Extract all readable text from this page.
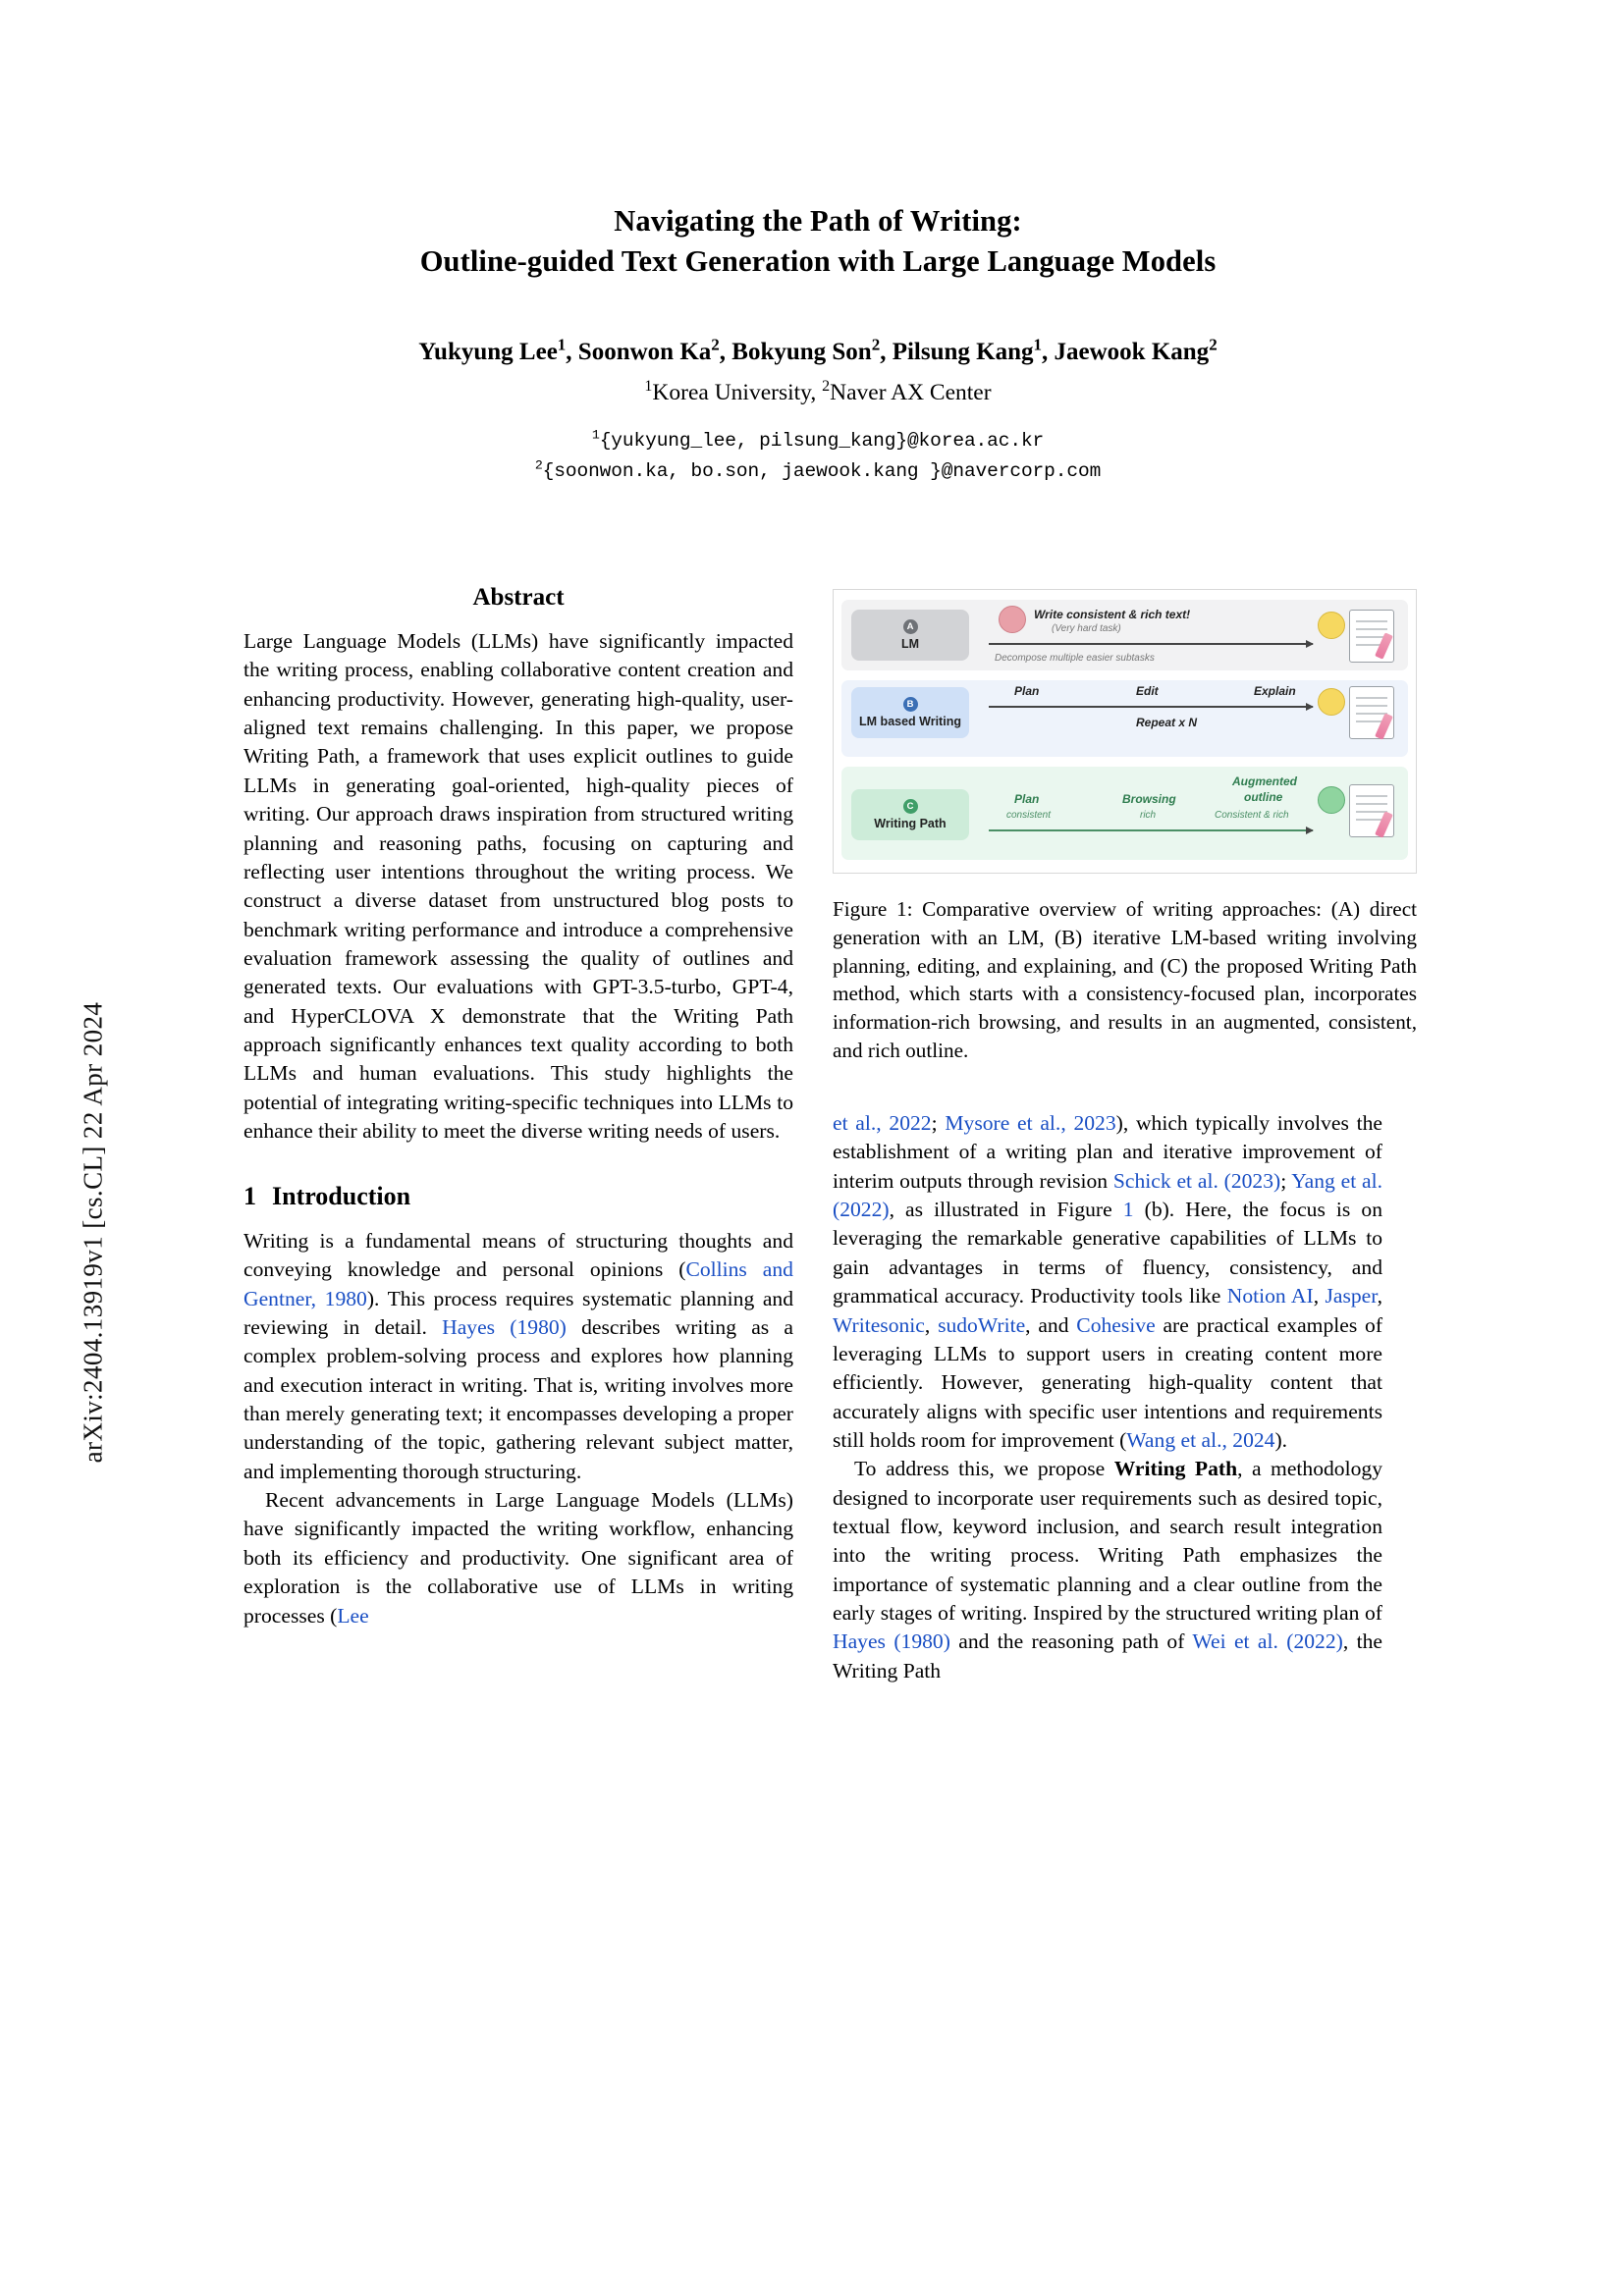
arXiv:2404.13919v1 [cs.CL] 22 Apr 2024
Navigating the Path of Writing:
Outline-guided Text Generation with Large Language Models
Yukyung Lee$^1$, Soonwon Ka$^2$, Bokyung Son$^2$, Pilsung Kang$^1$, Jaewook Kang$^2$
$^1$Korea University, $^2$Naver AX Center
$^1${yukyung_lee, pilsung_kang}@korea.ac.kr
$^2${soonwon.ka, bo.son, jaewook.kang }@navercorp.com
Abstract

Large Language Models (LLMs) have significantly impacted the writing process, enabling collaborative content creation and enhancing productivity. However, generating high-quality, user-aligned text remains challenging. In this paper, we propose Writing Path, a framework that uses explicit outlines to guide LLMs in generating goal-oriented, high-quality pieces of writing. Our approach draws inspiration from structured writing planning and reasoning paths, focusing on capturing and reflecting user intentions throughout the writing process. We construct a diverse dataset from unstructured blog posts to benchmark writing performance and introduce a comprehensive evaluation framework assessing the quality of outlines and generated texts. Our evaluations with GPT-3.5-turbo, GPT-4, and HyperCLOVA X demonstrate that the Writing Path approach significantly enhances text quality according to both LLMs and human evaluations. This study highlights the potential of integrating writing-specific techniques into LLMs to enhance their ability to meet the diverse writing needs of users.

1 Introduction

Writing is a fundamental means of structuring thoughts and conveying knowledge and personal opinions (Collins and Gentner, 1980). This process requires systematic planning and reviewing in detail. Hayes (1980) describes writing as a complex problem-solving process and explores how planning and execution interact in writing. That is, writing involves more than merely generating text; it encompasses developing a proper understanding of the topic, gathering relevant subject matter, and implementing thorough structuring.

Recent advancements in Large Language Models (LLMs) have significantly impacted the writing workflow, enhancing both its efficiency and productivity. One significant area of exploration is the collaborative use of LLMs in writing processes (Lee

A
LM
Write consistent & rich text!
(Very hard task)
B
LM based Writing
Decompose multiple easier subtasks
Plan	Edit	Explain
Repeat x N
C
Writing Path
Plan
consistent
Browsing
rich
Augmented
outline
Consistent & rich
Figure 1: Comparative overview of writing approaches: (A) direct generation with an LM, (B) iterative LM-based writing involving planning, editing, and explaining, and (C) the proposed Writing Path method, which starts with a consistency-focused plan, incorporates information-rich browsing, and results in an augmented, consistent, and rich outline.

et al., 2022; Mysore et al., 2023), which typically involves the establishment of a writing plan and iterative improvement of interim outputs through revision Schick et al. (2023); Yang et al. (2022), as illustrated in Figure 1 (b). Here, the focus is on leveraging the remarkable generative capabilities of LLMs to gain advantages in terms of fluency, consistency, and grammatical accuracy. Productivity tools like Notion AI, Jasper, Writesonic, sudoWrite, and Cohesive are practical examples of leveraging LLMs to support users in creating content more efficiently. However, generating high-quality content that accurately aligns with specific user intentions and requirements still holds room for improvement (Wang et al., 2024).

To address this, we propose Writing Path, a methodology designed to incorporate user requirements such as desired topic, textual flow, keyword inclusion, and search result integration into the writing process. Writing Path emphasizes the importance of systematic planning and a clear outline from the early stages of writing. Inspired by the structured writing plan of Hayes (1980) and the reasoning path of Wei et al. (2022), the Writing Path
